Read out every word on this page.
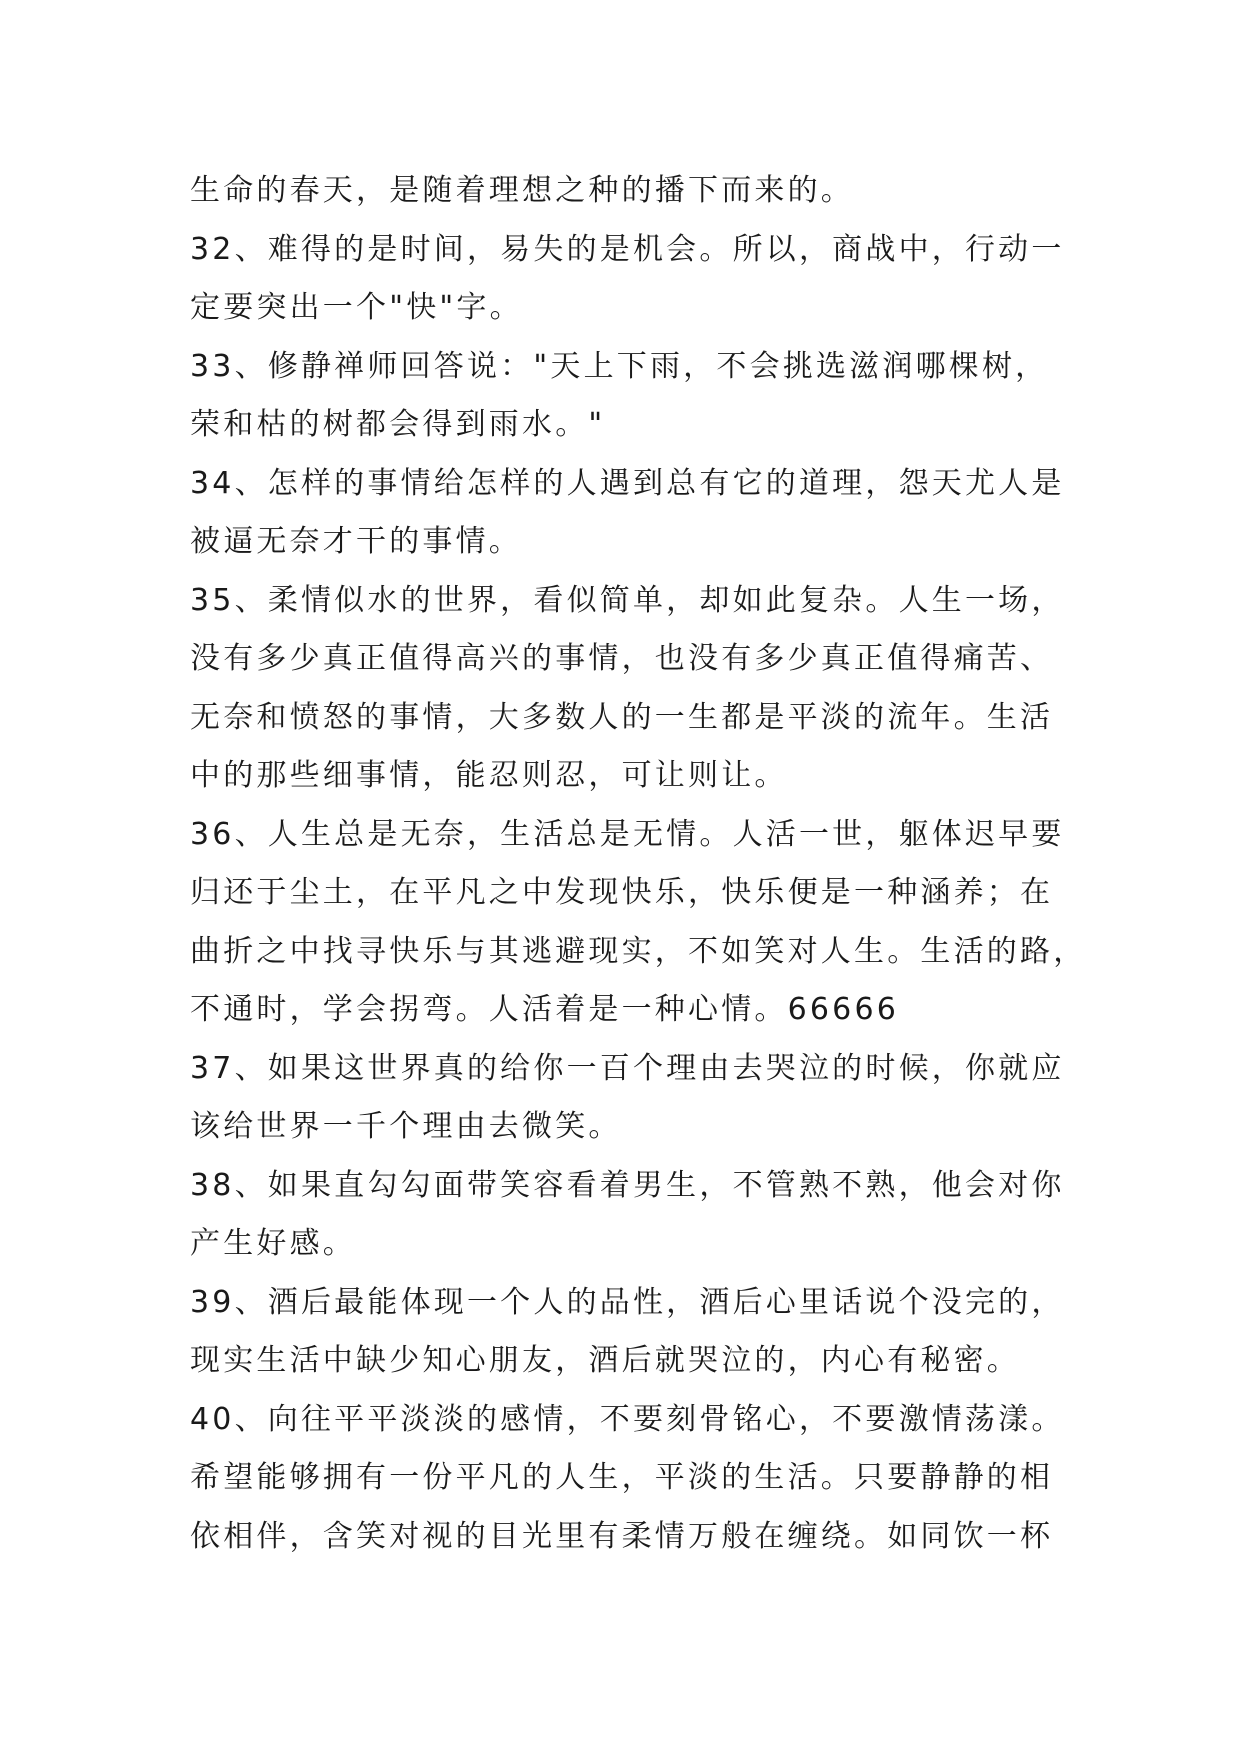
生命的春天，是随着理想之种的播下而来的。
32、难得的是时间，易失的是机会。所以，商战中，行动一
定要突出一个"快"字。
33、修静禅师回答说："天上下雨，不会挑选滋润哪棵树，
荣和枯的树都会得到雨水。"
34、怎样的事情给怎样的人遇到总有它的道理，怨天尤人是
被逼无奈才干的事情。
35、柔情似水的世界，看似简单，却如此复杂。人生一场，
没有多少真正值得高兴的事情，也没有多少真正值得痛苦、
无奈和愤怒的事情，大多数人的一生都是平淡的流年。生活
中的那些细事情，能忍则忍，可让则让。
36、人生总是无奈，生活总是无情。人活一世，躯体迟早要
归还于尘土，在平凡之中发现快乐，快乐便是一种涵养；在
曲折之中找寻快乐与其逃避现实，不如笑对人生。生活的路，
不通时，学会拐弯。人活着是一种心情。66666
37、如果这世界真的给你一百个理由去哭泣的时候，你就应
该给世界一千个理由去微笑。
38、如果直勾勾面带笑容看着男生，不管熟不熟，他会对你
产生好感。
39、酒后最能体现一个人的品性，酒后心里话说个没完的，
现实生活中缺少知心朋友，酒后就哭泣的，内心有秘密。
40、向往平平淡淡的感情，不要刻骨铭心，不要激情荡漾。
希望能够拥有一份平凡的人生，平淡的生活。只要静静的相
依相伴，含笑对视的目光里有柔情万般在缠绕。如同饮一杯
